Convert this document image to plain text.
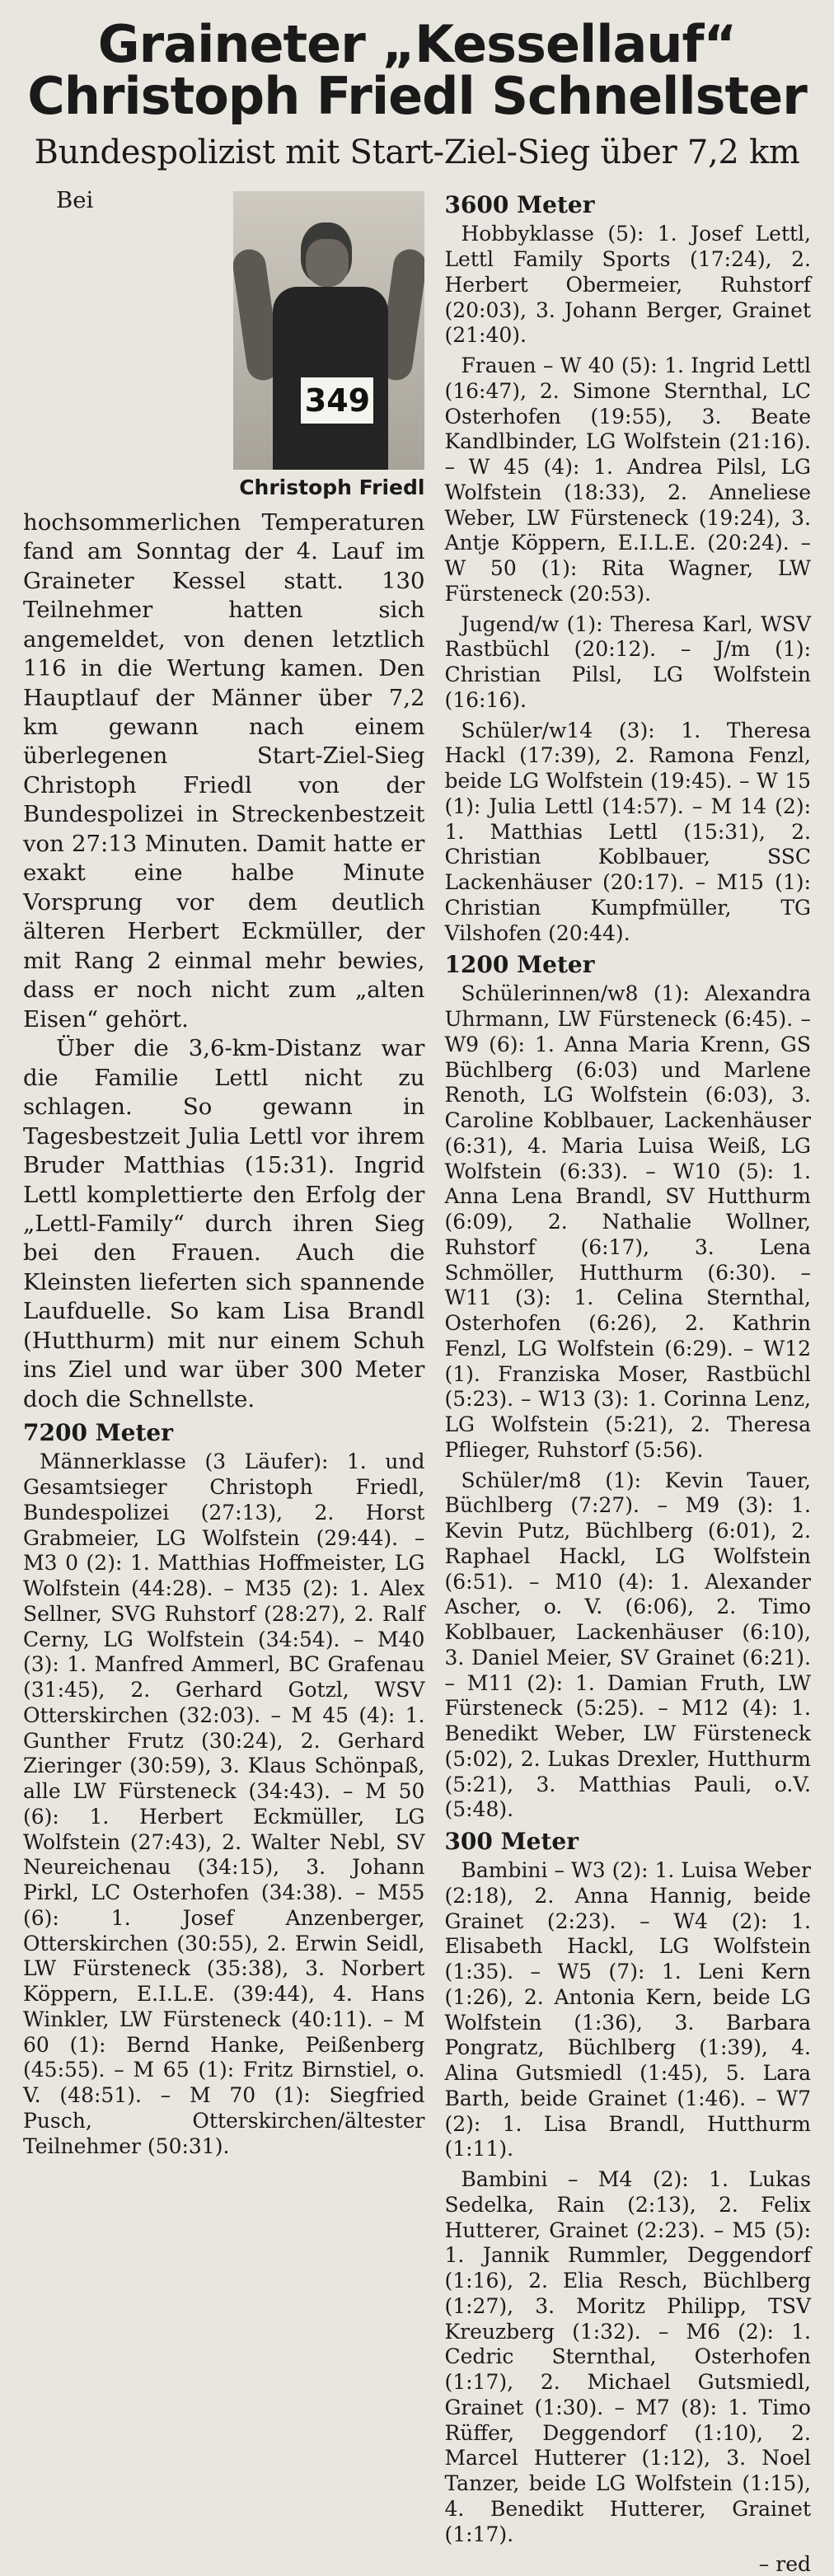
Graineter „Kessellauf“
Christoph Friedl Schnellster
Bundespolizist mit Start-Ziel-Sieg über 7,2 km
349
Christoph Friedl

Bei hochsommerlichen Temperaturen fand am Sonntag der 4. Lauf im Graineter Kessel statt. 130 Teilnehmer hatten sich angemeldet, von denen letztlich 116 in die Wertung kamen. Den Hauptlauf der Männer über 7,2 km gewann nach einem überlegenen Start-Ziel-Sieg Christoph Friedl von der Bundespolizei in Streckenbestzeit von 27:13 Minuten. Damit hatte er exakt eine halbe Minute Vorsprung vor dem deutlich älteren Herbert Eckmüller, der mit Rang 2 einmal mehr bewies, dass er noch nicht zum „alten Eisen“ gehört.

Über die 3,6-km-Distanz war die Familie Lettl nicht zu schlagen. So gewann in Tagesbestzeit Julia Lettl vor ihrem Bruder Matthias (15:31). Ingrid Lettl komplettierte den Erfolg der „Lettl-Family“ durch ihren Sieg bei den Frauen. Auch die Kleinsten lieferten sich spannende Laufduelle. So kam Lisa Brandl (Hutthurm) mit nur einem Schuh ins Ziel und war über 300 Meter doch die Schnellste.

7200 Meter

Männerklasse (3 Läufer): 1. und Gesamtsieger Christoph Friedl, Bundespolizei (27:13), 2. Horst Grabmeier, LG Wolfstein (29:44). – M3 0 (2): 1. Matthias Hoffmeister, LG Wolfstein (44:28). – M35 (2): 1. Alex Sellner, SVG Ruhstorf (28:27), 2. Ralf Cerny, LG Wolfstein (34:54). – M40 (3): 1. Manfred Ammerl, BC Grafenau (31:45), 2. Gerhard Gotzl, WSV Otterskirchen (32:03). – M 45 (4): 1. Gunther Frutz (30:24), 2. Gerhard Zieringer (30:59), 3. Klaus Schönpaß, alle LW Fürsteneck (34:43). – M 50 (6): 1. Herbert Eckmüller, LG Wolfstein (27:43), 2. Walter Nebl, SV Neureichenau (34:15), 3. Johann Pirkl, LC Osterhofen (34:38). – M55 (6): 1. Josef Anzenberger, Otterskirchen (30:55), 2. Erwin Seidl, LW Fürsteneck (35:38), 3. Norbert Köppern, E.I.L.E. (39:44), 4. Hans Winkler, LW Fürsteneck (40:11). – M 60 (1): Bernd Hanke, Peißenberg (45:55). – M 65 (1): Fritz Birnstiel, o. V. (48:51). – M 70 (1): Siegfried Pusch, Otterskirchen/ältester Teilnehmer (50:31).

3600 Meter

Hobbyklasse (5): 1. Josef Lettl, Lettl Family Sports (17:24), 2. Herbert Obermeier, Ruhstorf (20:03), 3. Johann Berger, Grainet (21:40).

Frauen – W 40 (5): 1. Ingrid Lettl (16:47), 2. Simone Sternthal, LC Osterhofen (19:55), 3. Beate Kandlbinder, LG Wolfstein (21:16). – W 45 (4): 1. Andrea Pilsl, LG Wolfstein (18:33), 2. Anneliese Weber, LW Fürsteneck (19:24), 3. Antje Köppern, E.I.L.E. (20:24). – W 50 (1): Rita Wagner, LW Fürsteneck (20:53).

Jugend/w (1): Theresa Karl, WSV Rastbüchl (20:12). – J/m (1): Christian Pilsl, LG Wolfstein (16:16).

Schüler/w14 (3): 1. Theresa Hackl (17:39), 2. Ramona Fenzl, beide LG Wolfstein (19:45). – W 15 (1): Julia Lettl (14:57). – M 14 (2): 1. Matthias Lettl (15:31), 2. Christian Koblbauer, SSC Lackenhäuser (20:17). – M15 (1): Christian Kumpfmüller, TG Vilshofen (20:44).

1200 Meter

Schülerinnen/w8 (1): Alexandra Uhrmann, LW Fürsteneck (6:45). – W9 (6): 1. Anna Maria Krenn, GS Büchlberg (6:03) und Marlene Renoth, LG Wolfstein (6:03), 3. Caroline Koblbauer, Lackenhäuser (6:31), 4. Maria Luisa Weiß, LG Wolfstein (6:33). – W10 (5): 1. Anna Lena Brandl, SV Hutthurm (6:09), 2. Nathalie Wollner, Ruhstorf (6:17), 3. Lena Schmöller, Hutthurm (6:30). – W11 (3): 1. Celina Sternthal, Osterhofen (6:26), 2. Kathrin Fenzl, LG Wolfstein (6:29). – W12 (1). Franziska Moser, Rastbüchl (5:23). – W13 (3): 1. Corinna Lenz, LG Wolfstein (5:21), 2. Theresa Pflieger, Ruhstorf (5:56).

Schüler/m8 (1): Kevin Tauer, Büchlberg (7:27). – M9 (3): 1. Kevin Putz, Büchlberg (6:01), 2. Raphael Hackl, LG Wolfstein (6:51). – M10 (4): 1. Alexander Ascher, o. V. (6:06), 2. Timo Koblbauer, Lackenhäuser (6:10), 3. Daniel Meier, SV Grainet (6:21). – M11 (2): 1. Damian Fruth, LW Fürsteneck (5:25). – M12 (4): 1. Benedikt Weber, LW Fürsteneck (5:02), 2. Lukas Drexler, Hutthurm (5:21), 3. Matthias Pauli, o.V. (5:48).

300 Meter

Bambini – W3 (2): 1. Luisa Weber (2:18), 2. Anna Hannig, beide Grainet (2:23). – W4 (2): 1. Elisabeth Hackl, LG Wolfstein (1:35). – W5 (7): 1. Leni Kern (1:26), 2. Antonia Kern, beide LG Wolfstein (1:36), 3. Barbara Pongratz, Büchlberg (1:39), 4. Alina Gutsmiedl (1:45), 5. Lara Barth, beide Grainet (1:46). – W7 (2): 1. Lisa Brandl, Hutthurm (1:11).

Bambini – M4 (2): 1. Lukas Sedelka, Rain (2:13), 2. Felix Hutterer, Grainet (2:23). – M5 (5): 1. Jannik Rummler, Deggendorf (1:16), 2. Elia Resch, Büchlberg (1:27), 3. Moritz Philipp, TSV Kreuzberg (1:32). – M6 (2): 1. Cedric Sternthal, Osterhofen (1:17), 2. Michael Gutsmiedl, Grainet (1:30). – M7 (8): 1. Timo Rüffer, Deggendorf (1:10), 2. Marcel Hutterer (1:12), 3. Noel Tanzer, beide LG Wolfstein (1:15), 4. Benedikt Hutterer, Grainet (1:17).

– red
